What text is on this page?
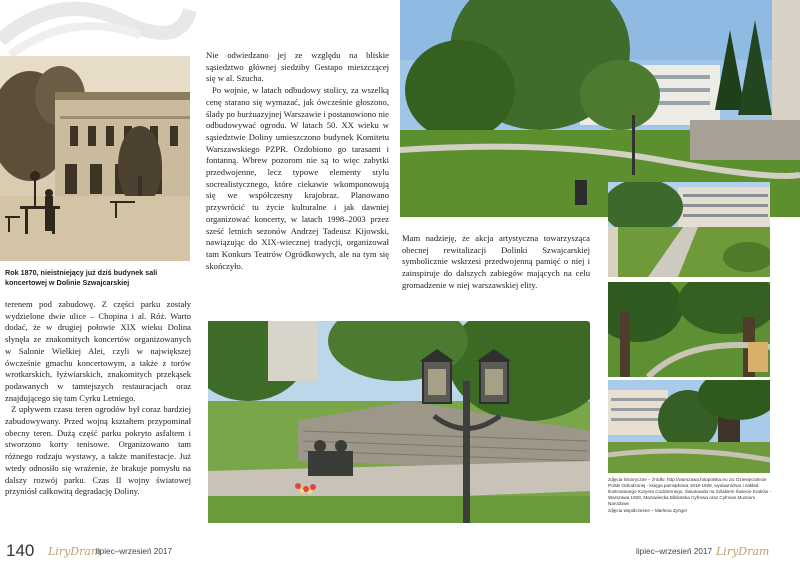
Rok 1870, nieistniejący już dziś budynek sali koncertowej w Dolinie Szwajcarskiej

terenem pod zabudowę. Z części parku zostały wydzielone dwie ulice – Chopina i al. Róż. Warto dodać, że w drugiej połowie XIX wieku Dolina słynęła ze znakomitych koncertów organizowanych w Salonie Wielkiej Alei, czyli w największej ówcześnie gmachu koncertowym, a także z torów wrotkarskich, łyżwiarskich, znakomitych przekąsek podawanych w tamtejszych restauracjach oraz znajdującego się tam Cyrku Letniego.

Z upływem czasu teren ogrodów był coraz bardziej zabudowywany. Przed wojną kształtem przypominał obecny teren. Dużą część parku pokryto asfaltem i stworzono korty tenisowe. Organizowano tam różnego rodzaju wystawy, a także manifestacje. Już wtedy odnosiło się wrażenie, że brakuje pomysłu na dalszy rozwój parku. Czas II wojny światowej przyniósł całkowitą degradację Doliny.

Nie odwiedzano jej ze względu na bliskie sąsiedztwo głównej siedziby Gestapo mieszczącej się w al. Szucha.

Po wojnie, w latach odbudowy stolicy, za wszelką cenę starano się wymazać, jak ówcześnie głoszono, ślady po burżuazyjnej Warszawie i postanowiono nie odbudowywać ogrodu. W latach 50. XX wieku w sąsiedztwie Doliny umieszczono budynek Komitetu Warszawskiego PZPR. Ozdobiono go tarasami i fontanną. Wbrew pozorom nie są to więc zabytki przedwojenne, lecz typowe elementy stylu socrealistycznego, które ciekawie wkomponowują się we współczesny krajobraz. Planowano przywrócić tu życie kulturalne i jak dawniej organizować koncerty, w latach 1998–2003 przez sześć letnich sezonów Andrzej Tadeusz Kijowski, nawiązując do XIX-wiecznej tradycji, organizował tam Konkurs Teatrów Ogródkowych, ale na tym się skończyło.

Mam nadzieję, że akcja artystyczna towarzysząca obecnej rewitalizacji Dolinki Szwajcarskiej symbolicznie wskrzesi przedwojenną pamięć o niej i zainspiruje do dalszych zabiegów mających na celu gromadzenie w niej warszawskiej elity.

zdjęcia historyczne – źródło: http://warszawa.fotopolska.eu za: Dziesięciolecie Polski Odrodzonej - księga pamiątkowa 1918-1928, wydawnictwo i nakład Ilustrowanego Kuryera Codziennego, Światowida na Szlakiem Świecie Kraków - Warszawa 1928, Mazowiecka Biblioteka Cyfrowa oraz Cyfrowe Muzeum Narodowe

zdjęcia współczesne – Marlena Zynger

140 LiryDram
lipiec–wrzesień 2017	lipiec–wrzesień 2017 LiryDram
